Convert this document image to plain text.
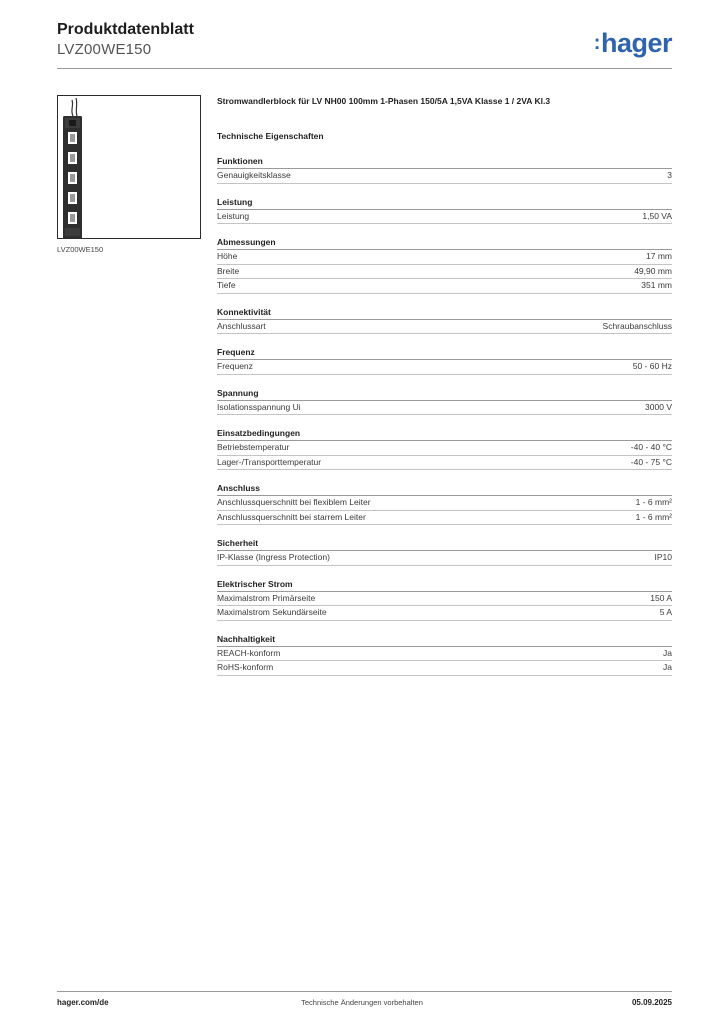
Produktdatenblatt
LVZ00WE150	:hager
LVZ00WE150
Stromwandlerblock für LV NH00 100mm 1-Phasen 150/5A 1,5VA Klasse 1 / 2VA Kl.3
Technische Eigenschaften
Funktionen
Genauigkeitsklasse	3
Leistung
Leistung	1,50 VA
Abmessungen
Höhe	17 mm
Breite	49,90 mm
Tiefe	351 mm
Konnektivität
Anschlussart	Schraubanschluss
Frequenz
Frequenz	50 - 60 Hz
Spannung
Isolationsspannung Ui	3000 V
Einsatzbedingungen
Betriebstemperatur	-40 - 40 °C
Lager-/Transporttemperatur	-40 - 75 °C
Anschluss
Anschlussquerschnitt bei flexiblem Leiter	1 - 6 mm²
Anschlussquerschnitt bei starrem Leiter	1 - 6 mm²
Sicherheit
IP-Klasse (Ingress Protection)	IP10
Elektrischer Strom
Maximalstrom Primärseite	150 A
Maximalstrom Sekundärseite	5 A
Nachhaltigkeit
REACH-konform	Ja
RoHS-konform	Ja
hager.com/de	Technische Änderungen vorbehalten	05.09.2025
